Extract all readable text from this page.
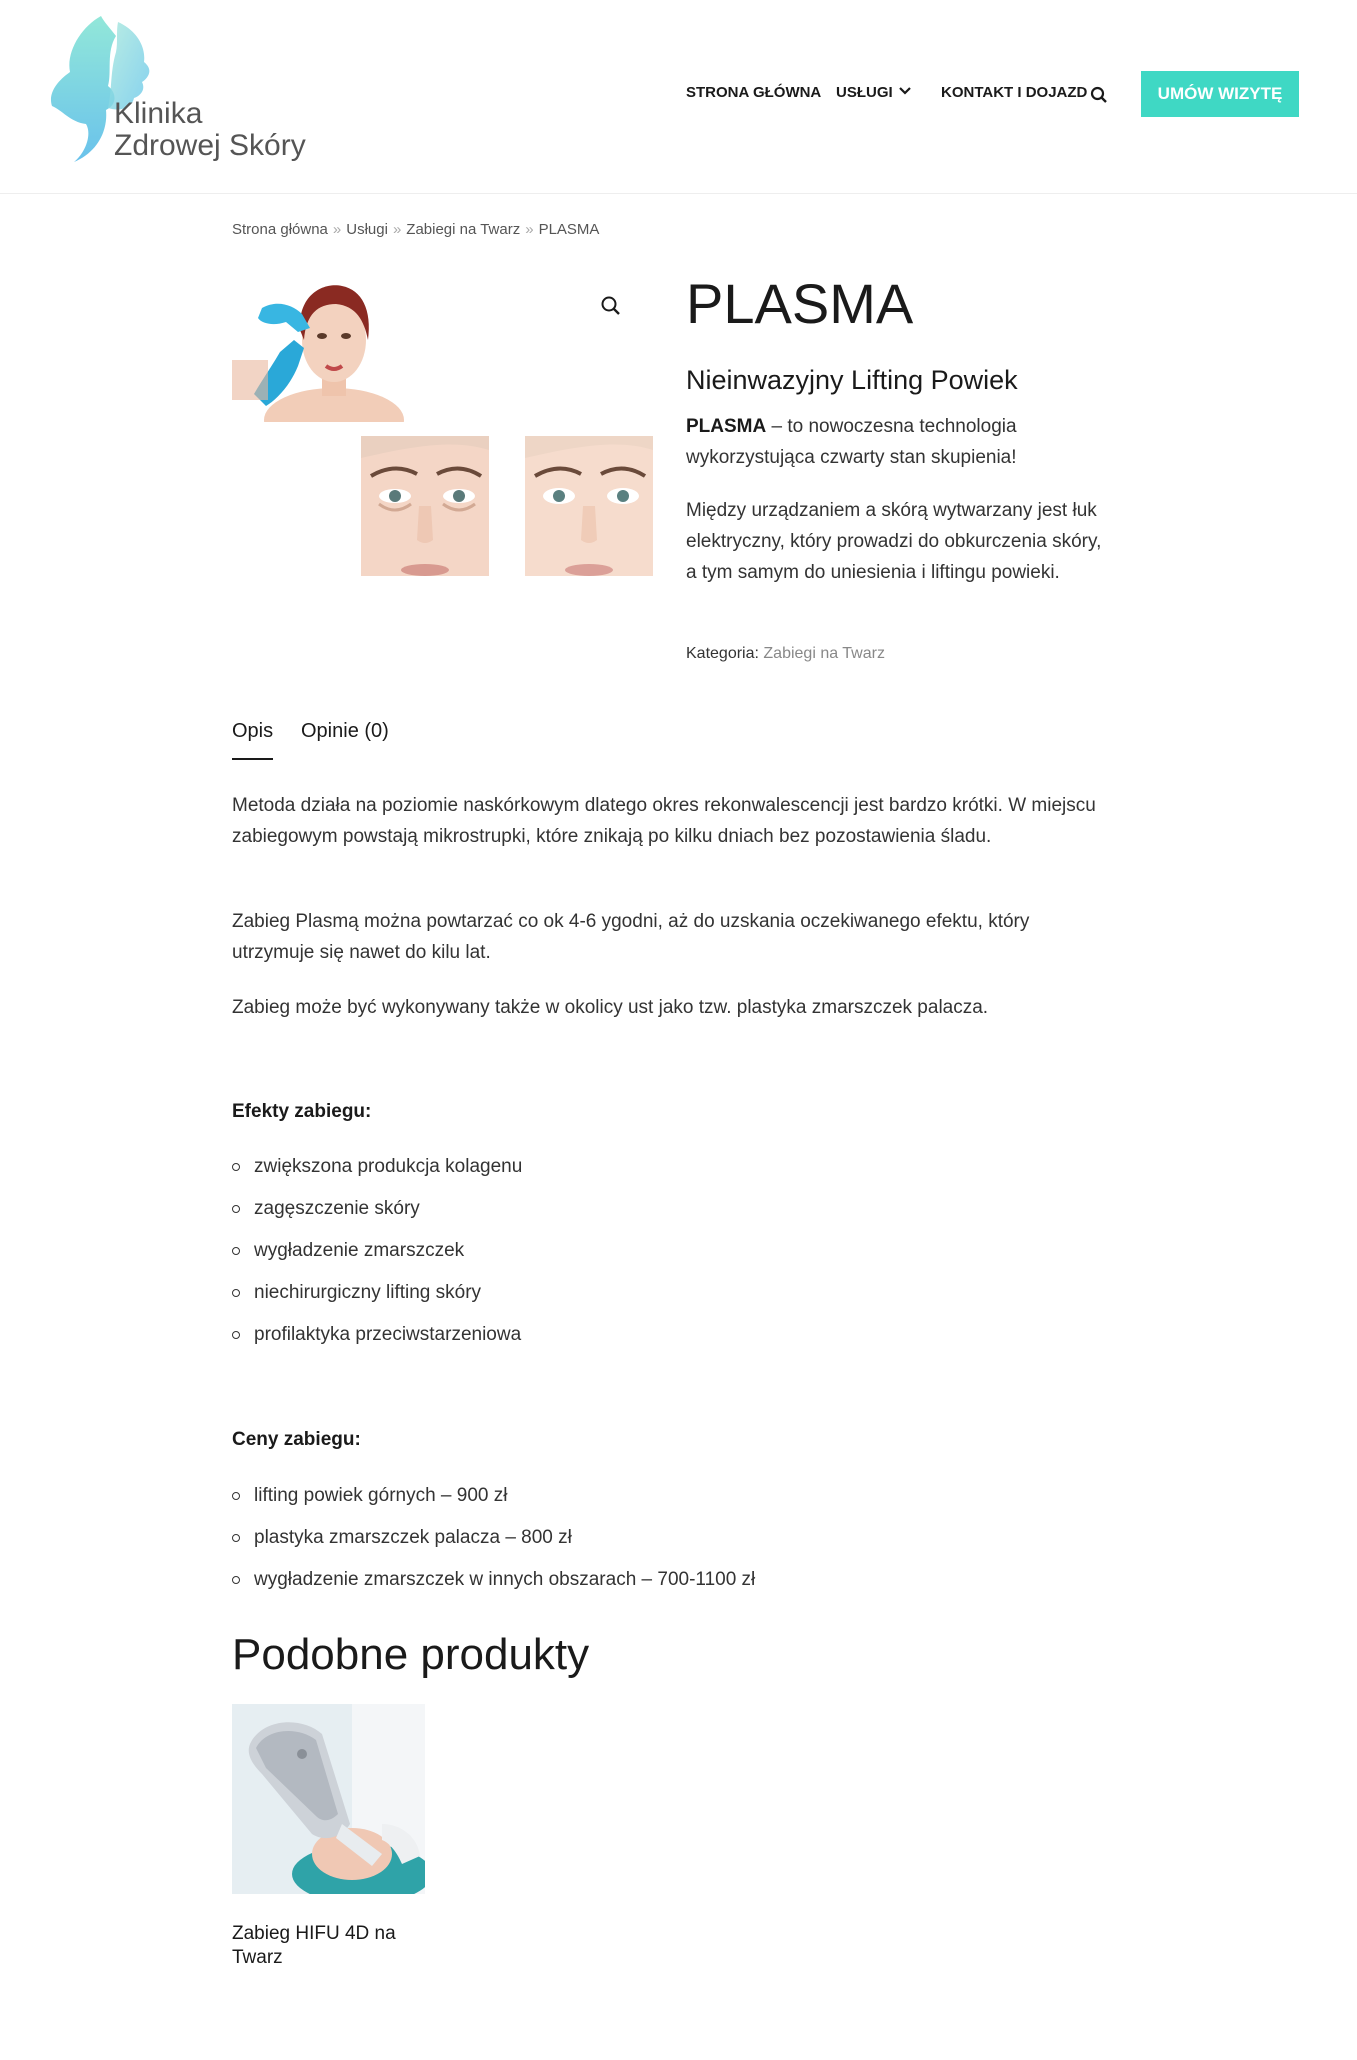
Klinika
Zdrowej Skóry
STRONA GŁÓWNA USŁUGI	KONTAKT I DOJAZD	UMÓW WIZYTĘ
Strona główna » Usługi » Zabiegi na Twarz » PLASMA
PLASMA
Nieinwazyjny Lifting Powiek

PLASMA – to nowoczesna technologia wykorzystująca czwarty stan skupienia!

Między urządzaniem a skórą wytwarzany jest łuk elektryczny, który prowadzi do obkurczenia skóry, a tym samym do uniesienia i liftingu powieki.

Kategoria: Zabiegi na Twarz
Opis Opinie (0)

Metoda działa na poziomie naskórkowym dlatego okres rekonwalescencji jest bardzo krótki. W miejscu zabiegowym powstają mikrostrupki, które znikają po kilku dniach bez pozostawienia śladu.

Zabieg Plasmą można powtarzać co ok 4-6 ygodni, aż do uzskania oczekiwanego efektu, który utrzymuje się nawet do kilu lat.

Zabieg może być wykonywany także w okolicy ust jako tzw. plastyka zmarszczek palacza.

Efekty zabiegu:
zwiększona produkcja kolagenu
zagęszczenie skóry
wygładzenie zmarszczek
niechirurgiczny lifting skóry
profilaktyka przeciwstarzeniowa
Ceny zabiegu:
lifting powiek górnych – 900 zł
plastyka zmarszczek palacza – 800 zł
wygładzenie zmarszczek w innych obszarach – 700-1100 zł
Podobne produkty
Zabieg HIFU 4D na Twarz
